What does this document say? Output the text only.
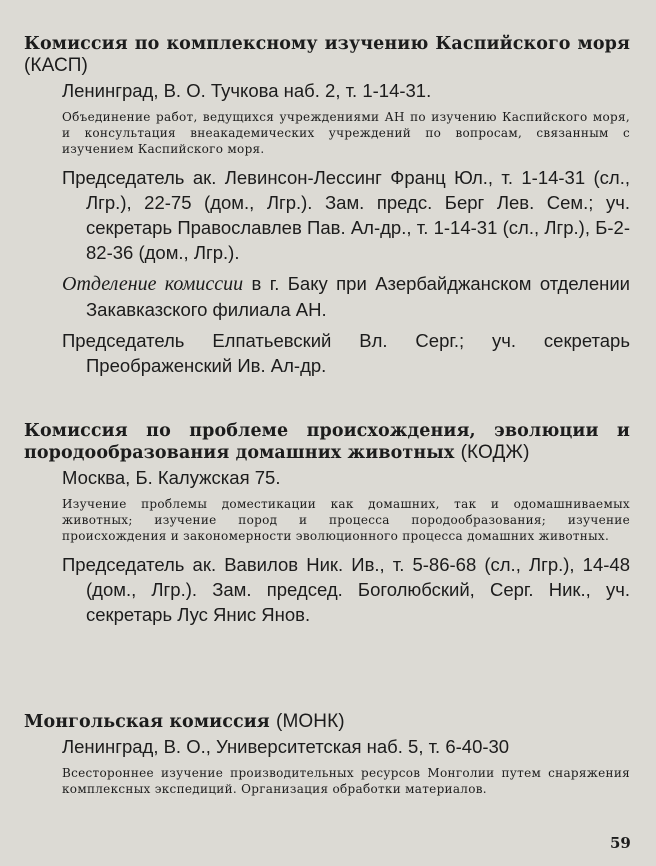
Комиссия по комплексному изучению Каспийского моря (КАСП)

Ленинград, В. О. Тучкова наб. 2, т. 1-14-31.

Объединение работ, ведущихся учреждениями АН по изучению Каспийского моря, и консультация внеакадемических учреждений по вопросам, связанным с изучением Каспийского моря.

Председатель ак. Левинсон-Лессинг Франц Юл., т. 1-14-31 (сл., Лгр.), 22-75 (дом., Лгр.). Зам. предс. Берг Лев. Сем.; уч. секретарь Православлев Пав. Ал-др., т. 1-14-31 (сл., Лгр.), Б-2-82-36 (дом., Лгр.).

Отделение комиссии в г. Баку при Азербайджанском отделении Закавказского филиала АН.

Председатель Елпатьевский Вл. Серг.; уч. секретарь Преображенский Ив. Ал-др.

Комиссия по проблеме происхождения, эволюции и породообразования домашних животных (КОДЖ)

Москва, Б. Калужская 75.

Изучение проблемы доместикации как домашних, так и одомашниваемых животных; изучение пород и процесса породообразования; изучение происхождения и закономерности эволюционного процесса домашних животных.

Председатель ак. Вавилов Ник. Ив., т. 5-86-68 (сл., Лгр.), 14-48 (дом., Лгр.). Зам. председ. Боголюбский, Серг. Ник., уч. секретарь Лус Янис Янов.

Монгольская комиссия (МОНК)

Ленинград, В. О., Университетская наб. 5, т. 6-40-30

Всестороннее изучение производительных ресурсов Монголии путем снаряжения комплексных экспедиций. Организация обработки материалов.

59
